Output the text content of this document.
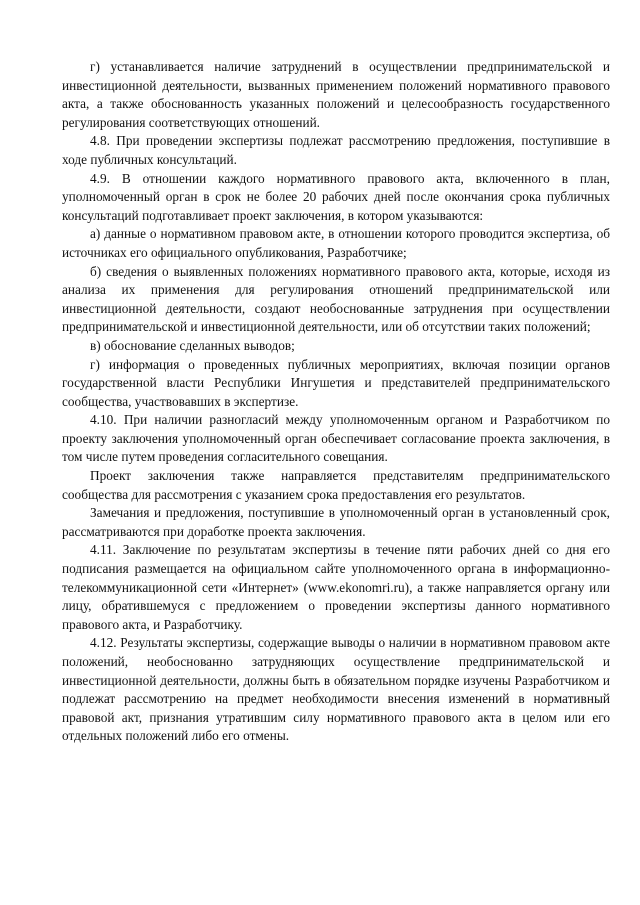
г) устанавливается наличие затруднений в осуществлении предпринимательской и инвестиционной деятельности, вызванных применением положений нормативного правового акта, а также обоснованность указанных положений и целесообразность государственного регулирования соответствующих отношений.

4.8. При проведении экспертизы подлежат рассмотрению предложения, поступившие в ходе публичных консультаций.

4.9. В отношении каждого нормативного правового акта, включенного в план, уполномоченный орган в срок не более 20 рабочих дней после окончания срока публичных консультаций подготавливает проект заключения, в котором указываются:

а) данные о нормативном правовом акте, в отношении которого проводится экспертиза, об источниках его официального опубликования, Разработчике;

б) сведения о выявленных положениях нормативного правового акта, которые, исходя из анализа их применения для регулирования отношений предпринимательской или инвестиционной деятельности, создают необоснованные затруднения при осуществлении предпринимательской и инвестиционной деятельности, или об отсутствии таких положений;

в) обоснование сделанных выводов;

г) информация о проведенных публичных мероприятиях, включая позиции органов государственной власти Республики Ингушетия и представителей предпринимательского сообщества, участвовавших в экспертизе.

4.10. При наличии разногласий между уполномоченным органом и Разработчиком по проекту заключения уполномоченный орган обеспечивает согласование проекта заключения, в том числе путем проведения согласительного совещания.

Проект заключения также направляется представителям предпринимательского сообщества для рассмотрения с указанием срока предоставления его результатов.

Замечания и предложения, поступившие в уполномоченный орган в установленный срок, рассматриваются при доработке проекта заключения.

4.11. Заключение по результатам экспертизы в течение пяти рабочих дней со дня его подписания размещается на официальном сайте уполномоченного органа в информационно-телекоммуникационной сети «Интернет» (www.ekonomri.ru), а также направляется органу или лицу, обратившемуся с предложением о проведении экспертизы данного нормативного правового акта, и Разработчику.

4.12. Результаты экспертизы, содержащие выводы о наличии в нормативном правовом акте положений, необоснованно затрудняющих осуществление предпринимательской и инвестиционной деятельности, должны быть в обязательном порядке изучены Разработчиком и подлежат рассмотрению на предмет необходимости внесения изменений в нормативный правовой акт, признания утратившим силу нормативного правового акта в целом или его отдельных положений либо его отмены.
